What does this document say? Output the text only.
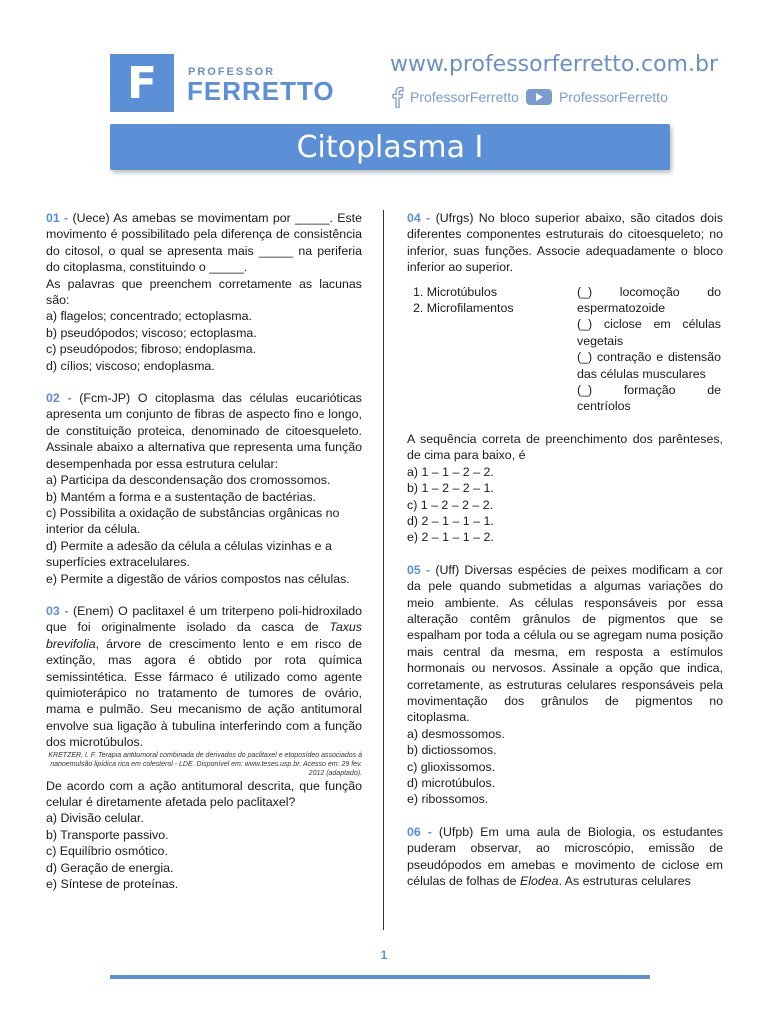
F	PROFESSOR
FERRETTO
www.professorferretto.com.br
ProfessorFerretto	ProfessorFerretto
Citoplasma I

01 - (Uece) As amebas se movimentam por _____. Este movimento é possibilitado pela diferença de consistência do citosol, o qual se apresenta mais _____ na periferia do citoplasma, constituindo o _____.

As palavras que preenchem corretamente as lacunas são:

a) flagelos; concentrado; ectoplasma.

b) pseudópodos; viscoso; ectoplasma.

c) pseudópodos; fibroso; endoplasma.

d) cílios; viscoso; endoplasma.

02 - (Fcm-JP) O citoplasma das células eucarióticas apresenta um conjunto de fibras de aspecto fino e longo, de constituição proteica, denominado de citoesqueleto. Assinale abaixo a alternativa que representa uma função desempenhada por essa estrutura celular:

a) Participa da descondensação dos cromossomos.

b) Mantém a forma e a sustentação de bactérias.

c) Possibilita a oxidação de substâncias orgânicas no interior da célula.

d) Permite a adesão da célula a células vizinhas e a superfícies extracelulares.

e) Permite a digestão de vários compostos nas células.

03 - (Enem) O paclitaxel é um triterpeno poli-hidroxilado que foi originalmente isolado da casca de Taxus brevifolia, árvore de crescimento lento e em risco de extinção, mas agora é obtido por rota química semissintética. Esse fármaco é utilizado como agente quimioterápico no tratamento de tumores de ovário, mama e pulmão. Seu mecanismo de ação antitumoral envolve sua ligação à tubulina interferindo com a função dos microtúbulos.

KRETZER, I. F. Terapia antitumoral combinada de derivados do paclitaxel e etoposídeo associados à nanoemulsão lipídica rica em colesterol - LDE. Disponível em: www.teses.usp.br. Acesso em: 29 fev. 2012 (adaptado).

De acordo com a ação antitumoral descrita, que função celular é diretamente afetada pelo paclitaxel?

a) Divisão celular.

b) Transporte passivo.

c) Equilíbrio osmótico.

d) Geração de energia.

e) Síntese de proteínas.

04 - (Ufrgs) No bloco superior abaixo, são citados dois diferentes componentes estruturais do citoesqueleto; no inferior, suas funções. Associe adequadamente o bloco inferior ao superior.

1. Microtúbulos

2. Microfilamentos

(_) locomoção do espermatozoide

(_) ciclose em células vegetais

(_) contração e distensão das células musculares

(_) formação de centríolos

A sequência correta de preenchimento dos parênteses, de cima para baixo, é

a) 1 – 1 – 2 – 2.

b) 1 – 2 – 2 – 1.

c) 1 – 2 – 2 – 2.

d) 2 – 1 – 1 – 1.

e) 2 – 1 – 1 – 2.

05 - (Uff) Diversas espécies de peixes modificam a cor da pele quando submetidas a algumas variações do meio ambiente. As células responsáveis por essa alteração contêm grânulos de pigmentos que se espalham por toda a célula ou se agregam numa posição mais central da mesma, em resposta a estímulos hormonais ou nervosos. Assinale a opção que indica, corretamente, as estruturas celulares responsáveis pela movimentação dos grânulos de pigmentos no citoplasma.

a) desmossomos.

b) dictiossomos.

c) glioxissomos.

d) microtúbulos.

e) ribossomos.

06 - (Ufpb) Em uma aula de Biologia, os estudantes puderam observar, ao microscópio, emissão de pseudópodos em amebas e movimento de ciclose em células de folhas de Elodea. As estruturas celulares

1
